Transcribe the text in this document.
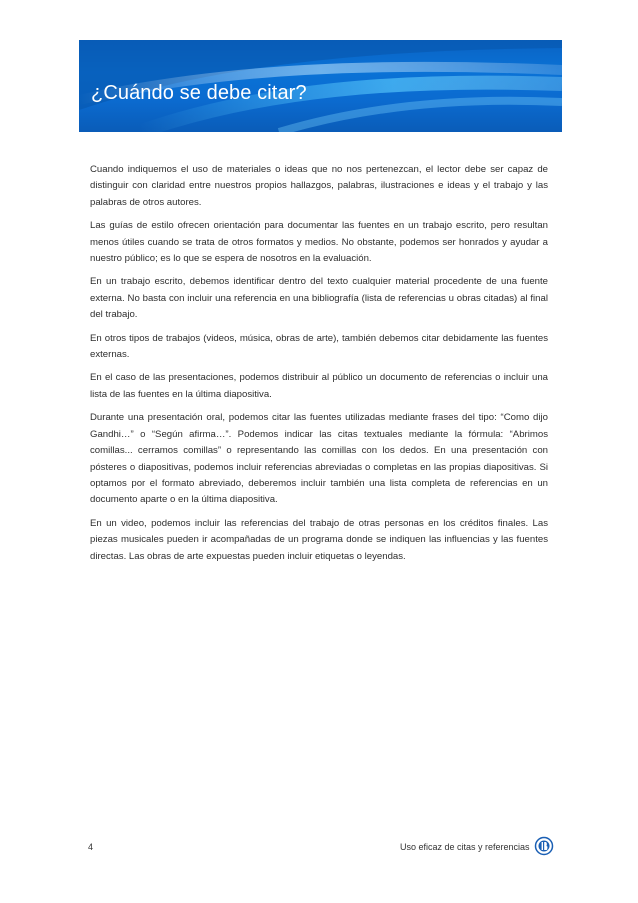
¿Cuándo se debe citar?

Cuando indiquemos el uso de materiales o ideas que no nos pertenezcan, el lector debe ser capaz de distinguir con claridad entre nuestros propios hallazgos, palabras, ilustraciones e ideas y el trabajo y las palabras de otros autores.

Las guías de estilo ofrecen orientación para documentar las fuentes en un trabajo escrito, pero resultan menos útiles cuando se trata de otros formatos y medios. No obstante, podemos ser honrados y ayudar a nuestro público; es lo que se espera de nosotros en la evaluación.

En un trabajo escrito, debemos identificar dentro del texto cualquier material procedente de una fuente externa. No basta con incluir una referencia en una bibliografía (lista de referencias u obras citadas) al final del trabajo.

En otros tipos de trabajos (videos, música, obras de arte), también debemos citar debidamente las fuentes externas.

En el caso de las presentaciones, podemos distribuir al público un documento de referencias o incluir una lista de las fuentes en la última diapositiva.

Durante una presentación oral, podemos citar las fuentes utilizadas mediante frases del tipo: “Como dijo Gandhi…” o “Según afirma…”. Podemos indicar las citas textuales mediante la fórmula: “Abrimos comillas... cerramos comillas” o representando las comillas con los dedos. En una presentación con pósteres o diapositivas, podemos incluir referencias abreviadas o completas en las propias diapositivas. Si optamos por el formato abreviado, deberemos incluir también una lista completa de referencias en un documento aparte o en la última diapositiva.

En un video, podemos incluir las referencias del trabajo de otras personas en los créditos finales. Las piezas musicales pueden ir acompañadas de un programa donde se indiquen las influencias y las fuentes directas. Las obras de arte expuestas pueden incluir etiquetas o leyendas.

4	Uso eficaz de citas y referencias
